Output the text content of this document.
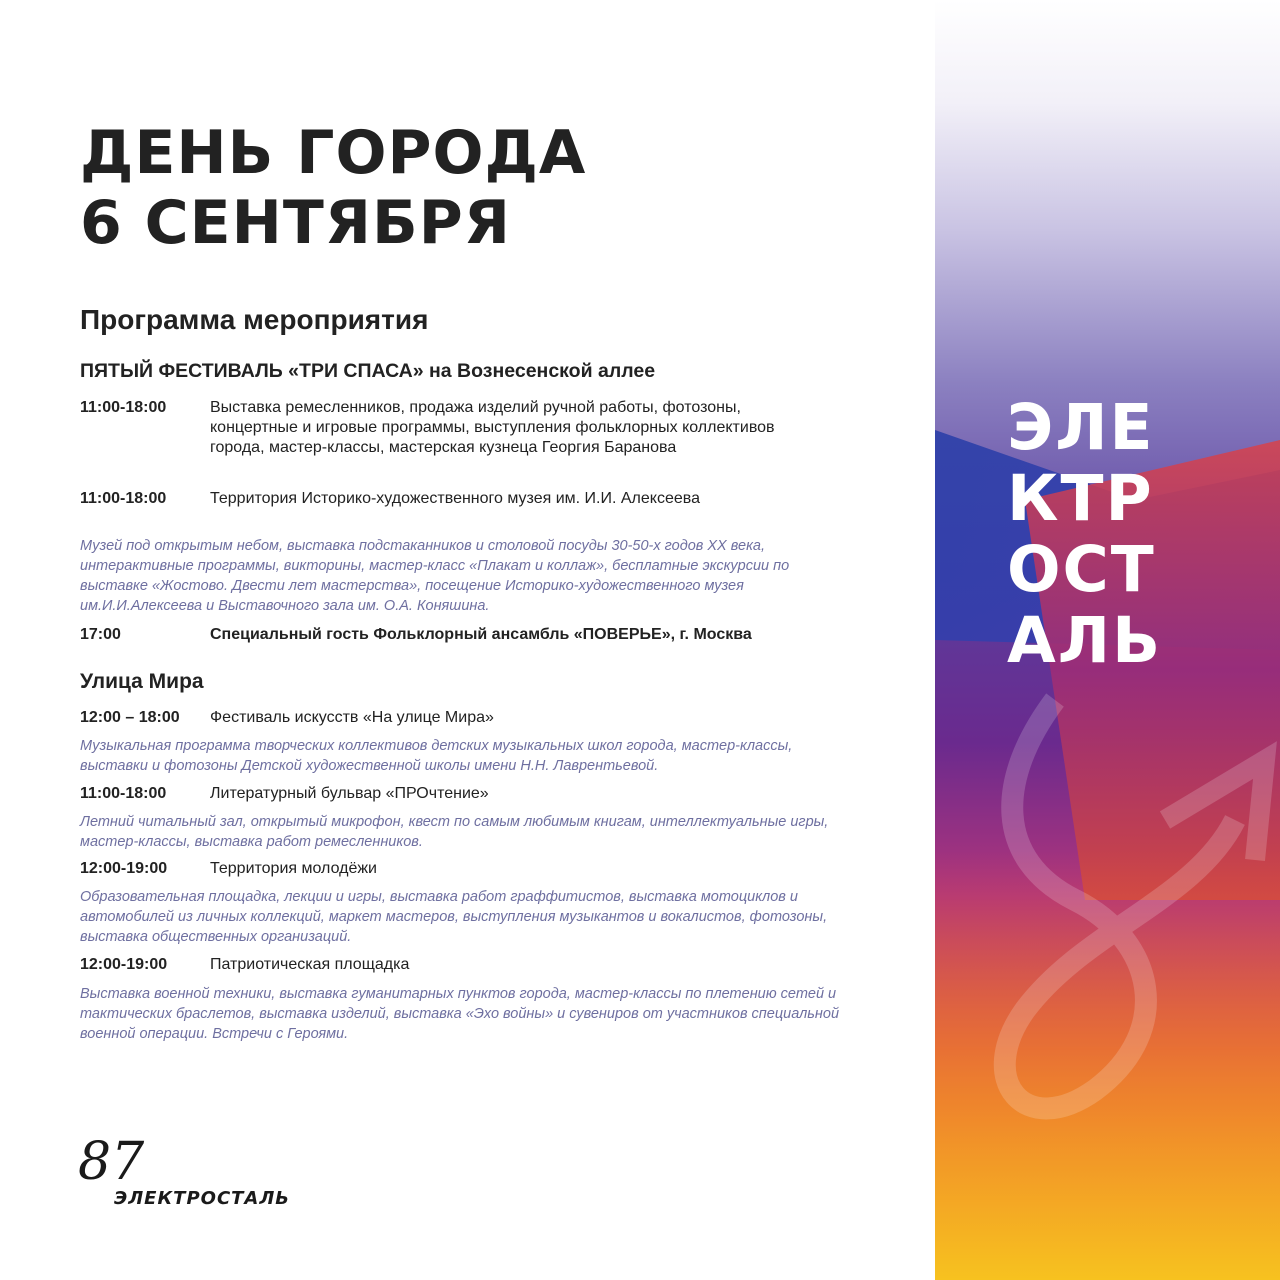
ДЕНЬ ГОРОДА
6 СЕНТЯБРЯ
Программа мероприятия
ПЯТЫЙ ФЕСТИВАЛЬ «ТРИ СПАСА» на Вознесенской аллее
11:00-18:00	Выставка ремесленников, продажа изделий ручной работы, фотозоны, концертные и игровые программы, выступления фольклорных коллективов города, мастер-классы, мастерская кузнеца Георгия Баранова
11:00-18:00	Территория Историко-художественного музея им. И.И. Алексеева
Музей под открытым небом, выставка подстаканников и столовой посуды 30-50-х годов XX века, интерактивные программы, викторины, мастер-класс «Плакат и коллаж», бесплатные экскурсии по выставке «Жостово. Двести лет мастерства», посещение Историко-художественного музея им.И.И.Алексеева и Выставочного зала им. О.А. Коняшина.
17:00	Специальный гость Фольклорный ансамбль «ПОВЕРЬЕ», г. Москва
Улица Мира
12:00 – 18:00 Фестиваль искусств «На улице Мира»
Музыкальная программа творческих коллективов детских музыкальных школ города, мастер-классы, выставки и фотозоны Детской художественной школы имени Н.Н. Лаврентьевой.
11:00-18:00	Литературный бульвар «ПРОчтение»
Летний читальный зал, открытый микрофон, квест по самым любимым книгам, интеллектуальные игры, мастер-классы, выставка работ ремесленников.
12:00-19:00	Территория молодёжи
Образовательная площадка, лекции и игры, выставка работ граффитистов, выставка мотоциклов и автомобилей из личных коллекций, маркет мастеров, выступления музыкантов и вокалистов, фотозоны, выставка общественных организаций.
12:00-19:00	Патриотическая площадка
Выставка военной техники, выставка гуманитарных пунктов города, мастер-классы по плетению сетей и тактических браслетов, выставка изделий, выставка «Эхо войны» и сувениров от участников специальной военной операции. Встречи с Героями.
87
ЭЛЕКТРОСТАЛЬ
ЭЛЕ
КТР
ОСТ
АЛЬ
